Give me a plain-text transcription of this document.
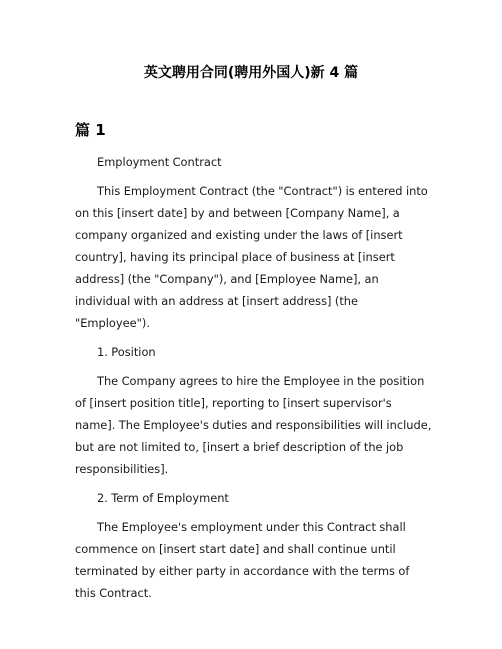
英文聘用合同(聘用外国人)新 4 篇
篇 1

Employment Contract

This Employment Contract (the "Contract") is entered into on this [insert date] by and between [Company Name], a company organized and existing under the laws of [insert country], having its principal place of business at [insert address] (the "Company"), and [Employee Name], an individual with an address at [insert address] (the "Employee").

1. Position

The Company agrees to hire the Employee in the position of [insert position title], reporting to [insert supervisor's name]. The Employee's duties and responsibilities will include, but are not limited to, [insert a brief description of the job responsibilities].

2. Term of Employment

The Employee's employment under this Contract shall commence on [insert start date] and shall continue until terminated by either party in accordance with the terms of this Contract.
